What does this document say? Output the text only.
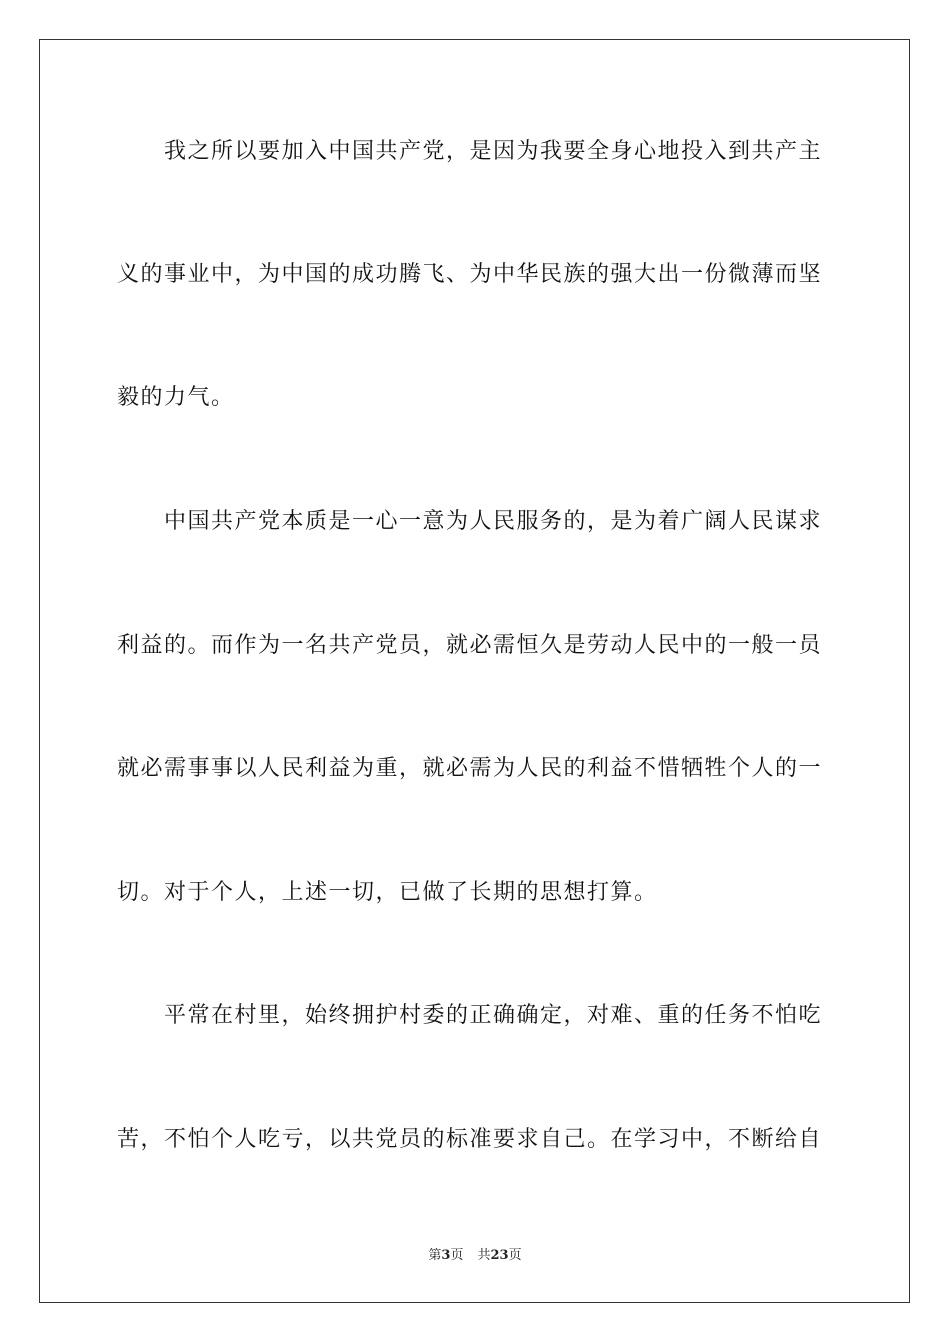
　　我之所以要加入中国共产党，是因为我要全身心地投入到共产主
义的事业中，为中国的成功腾飞、为中华民族的强大出一份微薄而坚
毅的力气。
　　中国共产党本质是一心一意为人民服务的，是为着广阔人民谋求
利益的。而作为一名共产党员，就必需恒久是劳动人民中的一般一员
就必需事事以人民利益为重，就必需为人民的利益不惜牺牲个人的一
切。对于个人，上述一切，已做了长期的思想打算。
　　平常在村里，始终拥护村委的正确确定，对难、重的任务不怕吃
苦，不怕个人吃亏，以共党员的标准要求自己。在学习中，不断给自
第3页 共23页
